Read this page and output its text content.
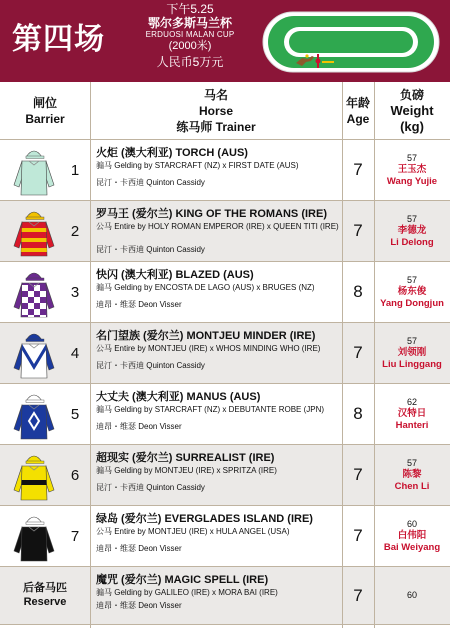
第四场
下午5.25
鄂尔多斯马兰杯
ERDUOSI MALAN CUP
(2000米)
人民币5万元
闸位
Barrier
马名
Horse
练马师 Trainer
年龄
Age
负磅
Weight
(kg)
1
火炬 (澳大利亚) TORCH (AUS)
骟马 Gelding by STARCRAFT (NZ) x FIRST DATE (AUS)
昆汀・卡西迪 Quinton Cassidy
7
57
王玉杰
Wang Yujie
2
罗马王 (爱尔兰) KING OF THE ROMANS (IRE)
公马 Entire by HOLY ROMAN EMPEROR (IRE) x QUEEN TITI (IRE)
昆汀・卡西迪 Quinton Cassidy
7
57
李德龙
Li Delong
3
快闪 (澳大利亚) BLAZED (AUS)
骟马 Gelding by ENCOSTA DE LAGO (AUS) x BRUGES (NZ)
迪昂・维瑟 Deon Visser
8
57
杨东俊
Yang Dongjun
4
名门望族 (爱尔兰) MONTJEU MINDER (IRE)
公马 Entire by MONTJEU (IRE) x WHOS MINDING WHO (IRE)
昆汀・卡西迪 Quinton Cassidy
7
57
刘领刚
Liu Linggang
5
大丈夫 (澳大利亚) MANUS (AUS)
骟马 Gelding by STARCRAFT (NZ) x DEBUTANTE ROBE (JPN)
迪昂・维瑟 Deon Visser
8
62
汉特日
Hanteri
6
超现实 (爱尔兰) SURREALIST (IRE)
骟马 Gelding by MONTJEU (IRE) x SPRITZA (IRE)
昆汀・卡西迪 Quinton Cassidy
7
57
陈黎
Chen Li
7
绿岛 (爱尔兰) EVERGLADES ISLAND (IRE)
公马 Entire by MONTJEU (IRE) x HULA ANGEL (USA)
迪昂・维瑟 Deon Visser
7
60
白伟阳
Bai Weiyang
后备马匹
Reserve
魔咒 (爱尔兰) MAGIC SPELL (IRE)
骟马 Gelding by GALILEO (IRE) x MORA BAI (IRE)
迪昂・维瑟 Deon Visser
7	60
